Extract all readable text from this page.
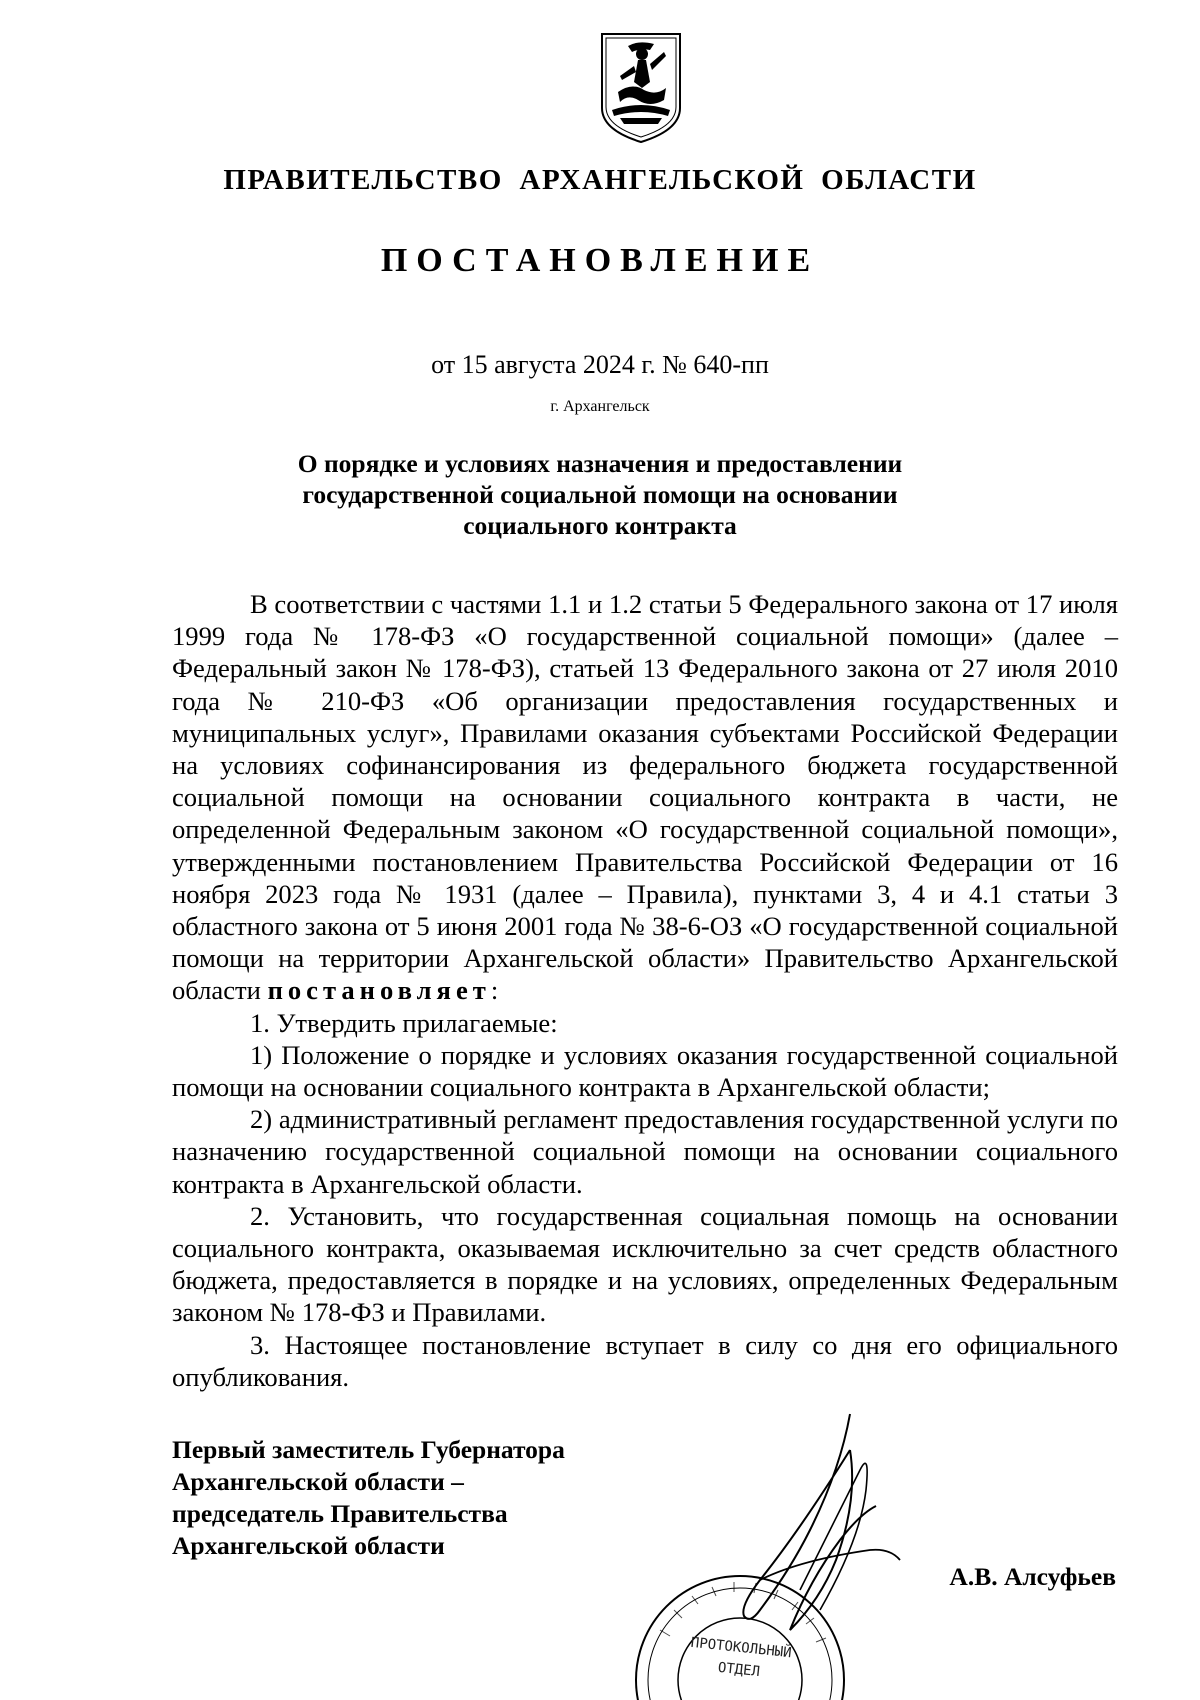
ПРАВИТЕЛЬСТВО АРХАНГЕЛЬСКОЙ ОБЛАСТИ
ПОСТАНОВЛЕНИЕ
от 15 августа 2024 г. № 640-пп
г. Архангельск
О порядке и условиях назначения и предоставлении
государственной социальной помощи на основании
социального контракта

В соответствии с частями 1.1 и 1.2 статьи 5 Федерального закона от 17 июля 1999 года № 178-ФЗ «О государственной социальной помощи» (далее – Федеральный закон № 178-ФЗ), статьей 13 Федерального закона от 27 июля 2010 года № 210-ФЗ «Об организации предоставления государственных и муниципальных услуг», Правилами оказания субъектами Российской Федерации на условиях софинансирования из федерального бюджета государственной социальной помощи на основании социального контракта в части, не определенной Федеральным законом «О государственной социальной помощи», утвержденными постановлением Правительства Российской Федерации от 16 ноября 2023 года № 1931 (далее – Правила), пунктами 3, 4 и 4.1 статьи 3 областного закона от 5 июня 2001 года № 38-6-ОЗ «О государственной социальной помощи на территории Архангельской области» Правительство Архангельской области постановляет:

1. Утвердить прилагаемые:

1) Положение о порядке и условиях оказания государственной социальной помощи на основании социального контракта в Архангельской области;

2) административный регламент предоставления государственной услуги по назначению государственной социальной помощи на основании социального контракта в Архангельской области.

2. Установить, что государственная социальная помощь на основании социального контракта, оказываемая исключительно за счет средств областного бюджета, предоставляется в порядке и на условиях, определенных Федеральным законом № 178-ФЗ и Правилами.

3. Настоящее постановление вступает в силу со дня его официального опубликования.

Первый заместитель Губернатора
Архангельской области –
председатель Правительства
Архангельской области
А.В. Алсуфьев
ПРОТОКОЛЬНЫЙ
ОТДЕЛ
